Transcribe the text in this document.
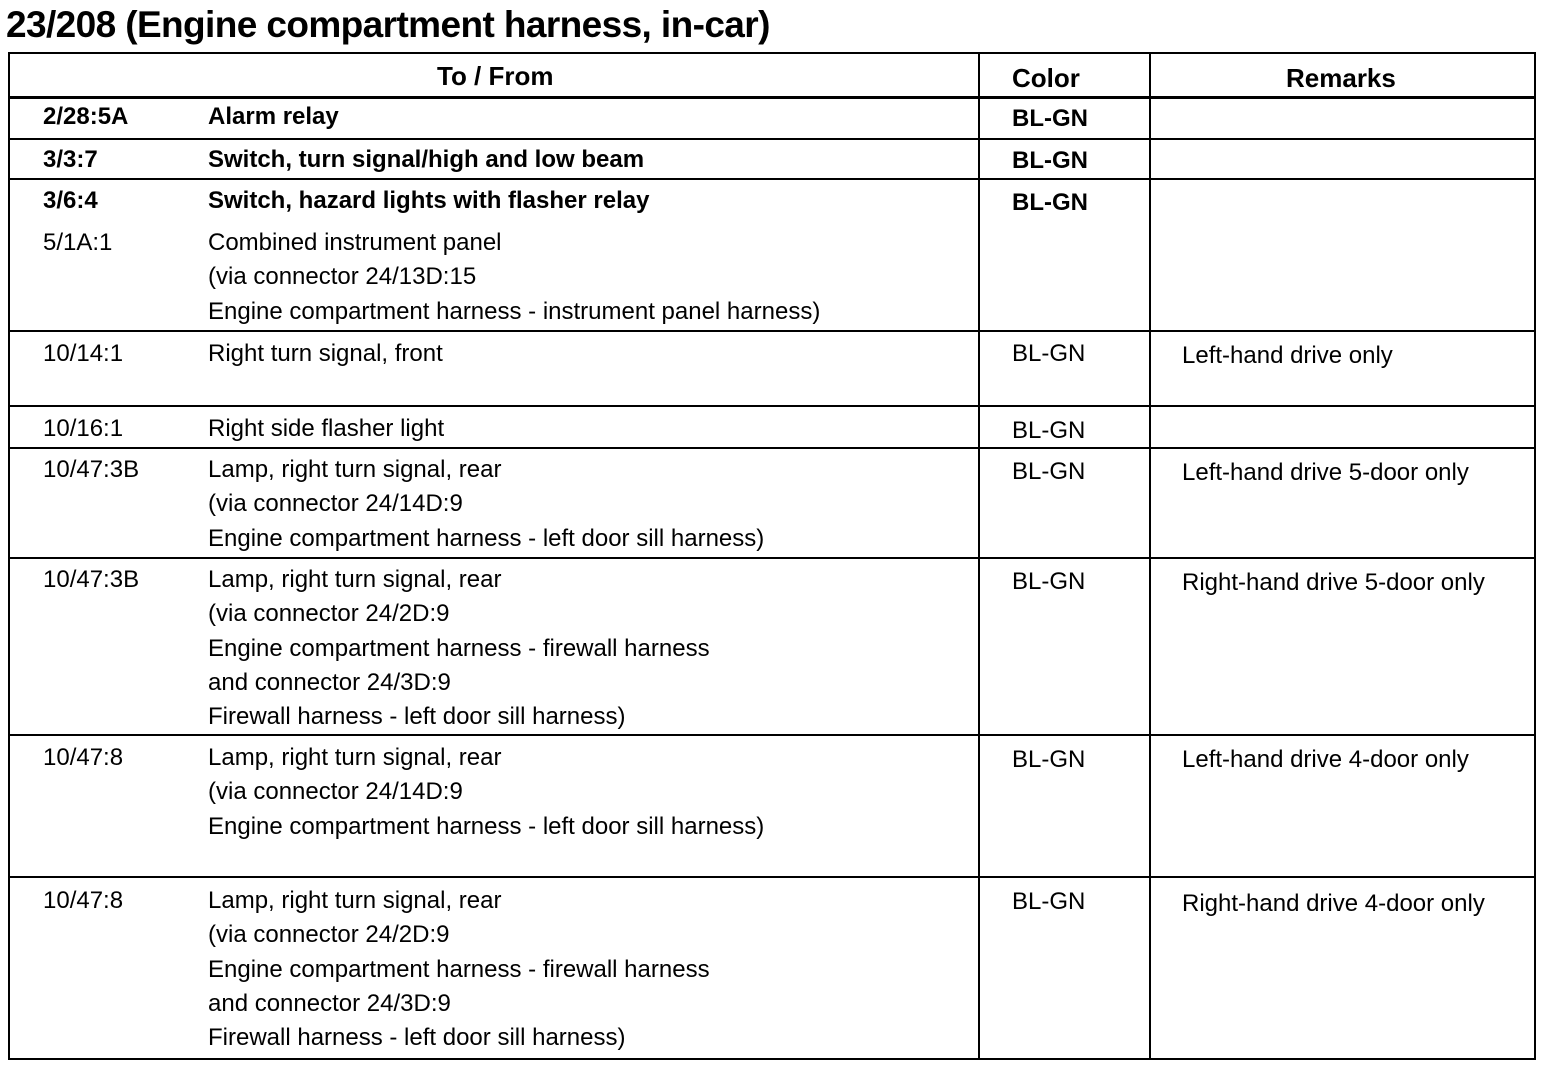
23/208 (Engine compartment harness, in-car)
To / From	Color	Remarks
2/28:5A	Alarm relay	BL-GN
3/3:7	Switch, turn signal/high and low beam	BL-GN
3/6:4	Switch, hazard lights with flasher relay	BL-GN
5/1A:1	Combined instrument panel
(via connector 24/13D:15
Engine compartment harness - instrument panel harness)
10/14:1	Right turn signal, front	BL-GN	Left-hand drive only
10/16:1	Right side flasher light	BL-GN
10/47:3B	Lamp, right turn signal, rear
(via connector 24/14D:9
Engine compartment harness - left door sill harness)
BL-GN	Left-hand drive 5-door only
10/47:3B	Lamp, right turn signal, rear
(via connector 24/2D:9
Engine compartment harness - firewall harness
and connector 24/3D:9
Firewall harness - left door sill harness)
BL-GN	Right-hand drive 5-door only
10/47:8	Lamp, right turn signal, rear
(via connector 24/14D:9
Engine compartment harness - left door sill harness)
BL-GN	Left-hand drive 4-door only
10/47:8	Lamp, right turn signal, rear
(via connector 24/2D:9
Engine compartment harness - firewall harness
and connector 24/3D:9
Firewall harness - left door sill harness)
BL-GN	Right-hand drive 4-door only
